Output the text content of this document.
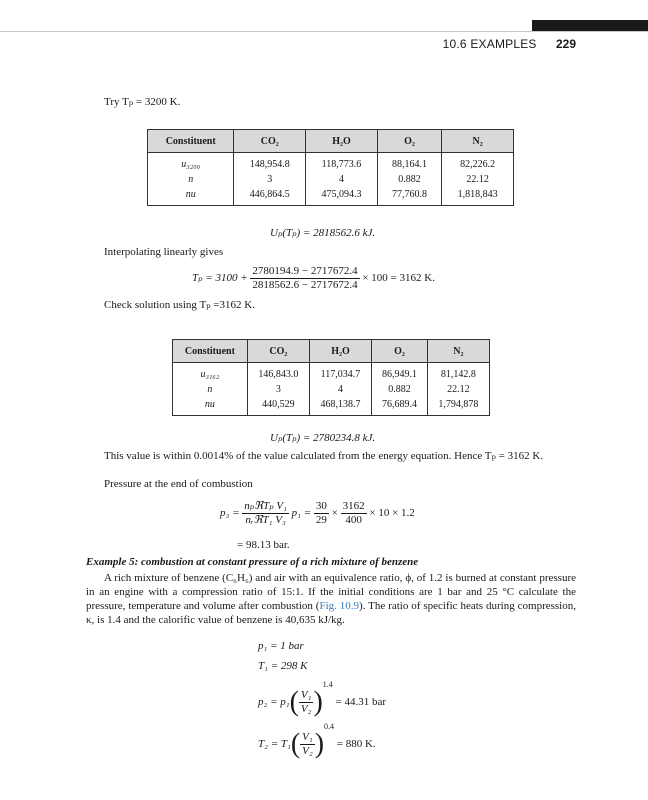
10.6 EXAMPLES 229
Try Tₚ = 3200 K.
Constituent	CO₂	H₂O	O₂	N₂
u₃₂₀₀	148,954.8	118,773.6	88,164.1	82,226.2
n	3	4	0.882	22.12
nu	446,864.5	475,094.3	77,760.8	1,818,843
Uₚ(Tₚ) = 2818562.6 kJ.
Interpolating linearly gives
$T_p = 3100 + \frac{2780194.9 - 2717672.4}{2818562.6 - 2717672.4} \times 100 = 3162$ K.
Check solution using Tₚ =3162 K.
Constituent	CO₂	H₂O	O₂	N₂
u₃₁₆₂	146,843.0	117,034.7	86,949.1	81,142.8
n	3	4	0.882	22.12
nu	440,529	468,138.7	76,689.4	1,794,878
Uₚ(Tₚ) = 2780234.8 kJ.
This value is within 0.0014% of the value calculated from the energy equation. Hence Tₚ = 3162 K.
Pressure at the end of combustion
$p_3 = \frac{\text{nₚℜTₚ V₁}}{\text{nᵣℜT₁ V₃}} p_1 = \frac{30}{29} \times \frac{3162}{400} \times 10 \times 1.2$
= 98.13 bar.
Example 5: combustion at constant pressure of a rich mixture of benzene
A rich mixture of benzene (C₆H₆) and air with an equivalence ratio, ϕ, of 1.2 is burned at constant pressure in an engine with a compression ratio of 15:1. If the initial conditions are 1 bar and 25 °C calculate the pressure, temperature and volume after combustion (Fig. 10.9). The ratio of specific heats during compression, κ, is 1.4 and the calorific value of benzene is 40,635 kJ/kg.
p₁ = 1 bar
T₁ = 298 K
$p_2 = p_1( \frac{\text{V₁}}{\text{V₂}} )^{1.4} = 44.31$ bar
$T_2 = T_1( \frac{\text{V₁}}{\text{V₂}} )^{0.4} = 880$ K.
